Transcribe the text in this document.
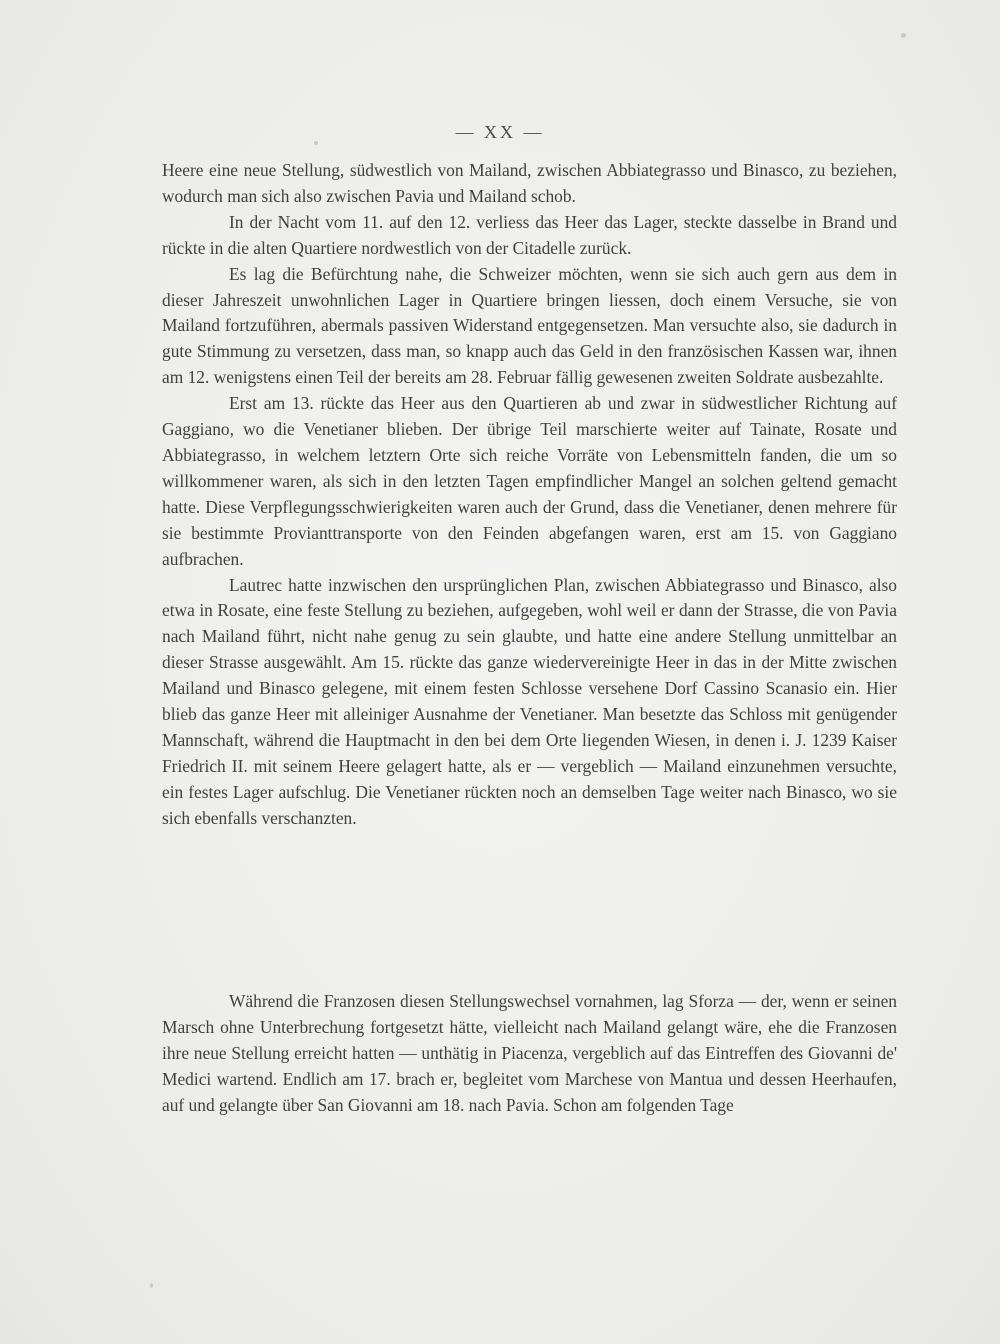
— XX —

Heere eine neue Stellung, südwestlich von Mailand, zwischen Abbiategrasso und Binasco, zu beziehen, wodurch man sich also zwischen Pavia und Mailand schob.

In der Nacht vom 11. auf den 12. verliess das Heer das Lager, steckte dasselbe in Brand und rückte in die alten Quartiere nordwestlich von der Citadelle zurück.

Es lag die Befürchtung nahe, die Schweizer möchten, wenn sie sich auch gern aus dem in dieser Jahreszeit unwohnlichen Lager in Quartiere bringen liessen, doch einem Versuche, sie von Mailand fortzuführen, abermals passiven Widerstand entgegensetzen. Man versuchte also, sie dadurch in gute Stimmung zu versetzen, dass man, so knapp auch das Geld in den französischen Kassen war, ihnen am 12. wenigstens einen Teil der bereits am 28. Februar fällig gewesenen zweiten Soldrate ausbezahlte.

Erst am 13. rückte das Heer aus den Quartieren ab und zwar in südwestlicher Richtung auf Gaggiano, wo die Venetianer blieben. Der übrige Teil marschierte weiter auf Tainate, Rosate und Abbiategrasso, in welchem letztern Orte sich reiche Vorräte von Lebensmitteln fanden, die um so willkommener waren, als sich in den letzten Tagen empfindlicher Mangel an solchen geltend gemacht hatte. Diese Verpflegungsschwierigkeiten waren auch der Grund, dass die Venetianer, denen mehrere für sie bestimmte Provianttransporte von den Feinden abgefangen waren, erst am 15. von Gaggiano aufbrachen.

Lautrec hatte inzwischen den ursprünglichen Plan, zwischen Abbiategrasso und Binasco, also etwa in Rosate, eine feste Stellung zu beziehen, aufgegeben, wohl weil er dann der Strasse, die von Pavia nach Mailand führt, nicht nahe genug zu sein glaubte, und hatte eine andere Stellung unmittelbar an dieser Strasse ausgewählt. Am 15. rückte das ganze wiedervereinigte Heer in das in der Mitte zwischen Mailand und Binasco gelegene, mit einem festen Schlosse versehene Dorf Cassino Scanasio ein. Hier blieb das ganze Heer mit alleiniger Ausnahme der Venetianer. Man besetzte das Schloss mit genügender Mannschaft, während die Hauptmacht in den bei dem Orte liegenden Wiesen, in denen i. J. 1239 Kaiser Friedrich II. mit seinem Heere gelagert hatte, als er — vergeblich — Mailand einzunehmen versuchte, ein festes Lager aufschlug. Die Venetianer rückten noch an demselben Tage weiter nach Binasco, wo sie sich ebenfalls verschanzten.

Während die Franzosen diesen Stellungswechsel vornahmen, lag Sforza — der, wenn er seinen Marsch ohne Unterbrechung fortgesetzt hätte, vielleicht nach Mailand gelangt wäre, ehe die Franzosen ihre neue Stellung erreicht hatten — unthätig in Piacenza, vergeblich auf das Eintreffen des Giovanni de' Medici wartend. Endlich am 17. brach er, begleitet vom Marchese von Mantua und dessen Heerhaufen, auf und gelangte über San Giovanni am 18. nach Pavia. Schon am folgenden Tage
